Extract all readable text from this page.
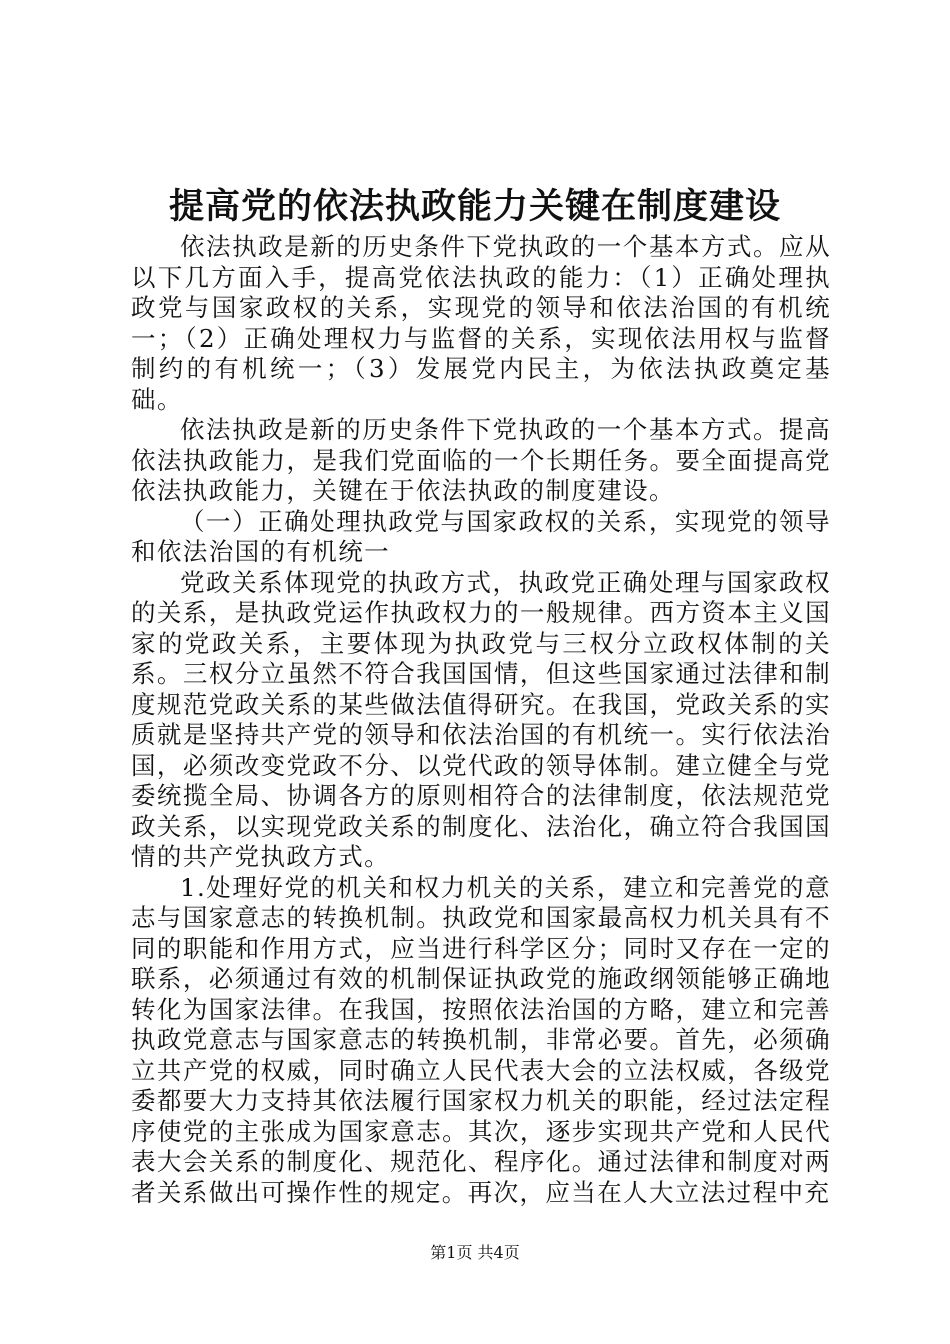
提高党的依法执政能力关键在制度建设

依法执政是新的历史条件下党执政的一个基本方式。应从以下几方面入手，提高党依法执政的能力：（1）正确处理执政党与国家政权的关系，实现党的领导和依法治国的有机统一；（2）正确处理权力与监督的关系，实现依法用权与监督制约的有机统一；（3）发展党内民主，为依法执政奠定基础。

依法执政是新的历史条件下党执政的一个基本方式。提高依法执政能力，是我们党面临的一个长期任务。要全面提高党依法执政能力，关键在于依法执政的制度建设。

（一）正确处理执政党与国家政权的关系，实现党的领导和依法治国的有机统一

党政关系体现党的执政方式，执政党正确处理与国家政权的关系，是执政党运作执政权力的一般规律。西方资本主义国家的党政关系，主要体现为执政党与三权分立政权体制的关系。三权分立虽然不符合我国国情，但这些国家通过法律和制度规范党政关系的某些做法值得研究。在我国，党政关系的实质就是坚持共产党的领导和依法治国的有机统一。实行依法治国，必须改变党政不分、以党代政的领导体制。建立健全与党委统揽全局、协调各方的原则相符合的法律制度，依法规范党政关系，以实现党政关系的制度化、法治化，确立符合我国国情的共产党执政方式。

1.处理好党的机关和权力机关的关系，建立和完善党的意志与国家意志的转换机制。执政党和国家最高权力机关具有不同的职能和作用方式，应当进行科学区分；同时又存在一定的联系，必须通过有效的机制保证执政党的施政纲领能够正确地转化为国家法律。在我国，按照依法治国的方略，建立和完善执政党意志与国家意志的转换机制，非常必要。首先，必须确立共产党的权威，同时确立人民代表大会的立法权威，各级党委都要大力支持其依法履行国家权力机关的职能，经过法定程序使党的主张成为国家意志。其次，逐步实现共产党和人民代表大会关系的制度化、规范化、程序化。通过法律和制度对两者关系做出可操作性的规定。再次，应当在人大立法过程中充

第1页 共4页
